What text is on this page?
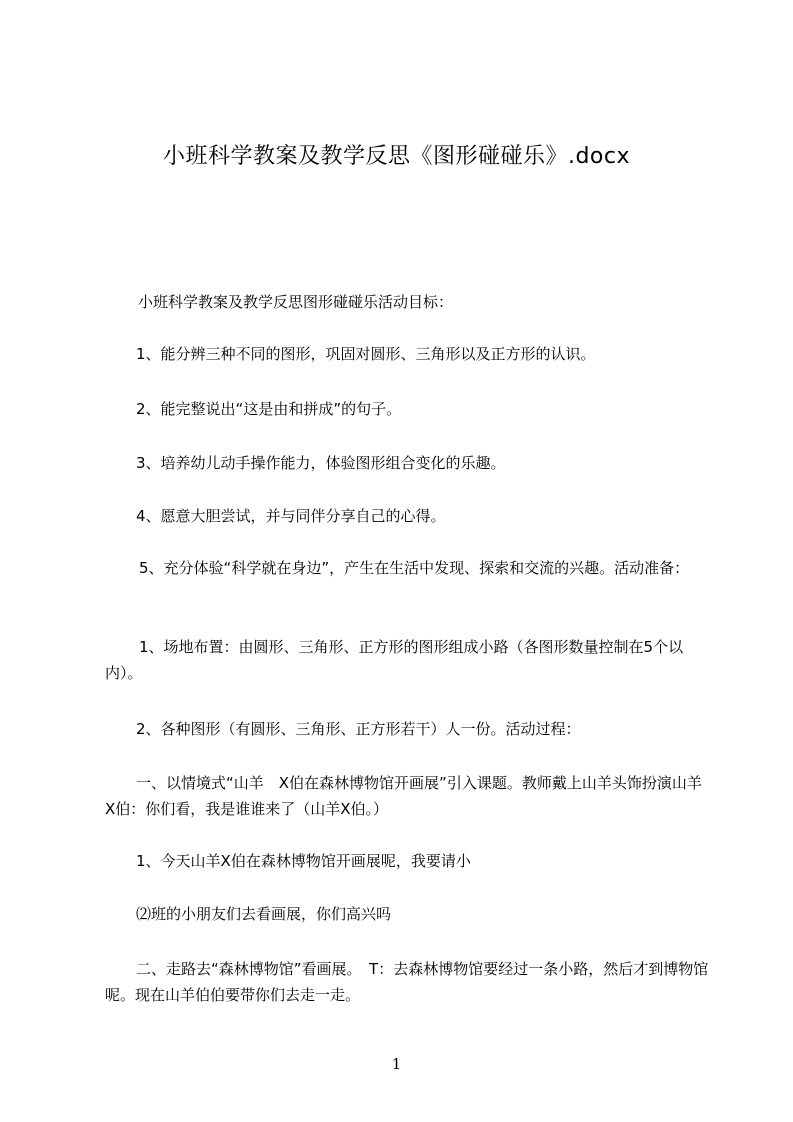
小班科学教案及教学反思《图形碰碰乐》.docx

小班科学教案及教学反思图形碰碰乐活动目标：

1、能分辨三种不同的图形，巩固对圆形、三角形以及正方形的认识。

2、能完整说出“这是由和拼成”的句子。

3、培养幼儿动手操作能力，体验图形组合变化的乐趣。

4、愿意大胆尝试，并与同伴分享自己的心得。

5、充分体验“科学就在身边”，产生在生活中发现、探索和交流的兴趣。活动准备：

1、场地布置：由圆形、三角形、正方形的图形组成小路（各图形数量控制在5个以内）。

2、各种图形（有圆形、三角形、正方形若干）人一份。活动过程：

一、以情境式“山羊　X伯在森林博物馆开画展”引入课题。教师戴上山羊头饰扮演山羊X伯：你们看，我是谁谁来了（山羊X伯。）

1、今天山羊X伯在森林博物馆开画展呢，我要请小

⑵班的小朋友们去看画展，你们高兴吗

二、走路去“森林博物馆”看画展。　T：去森林博物馆要经过一条小路，然后才到博物馆呢。现在山羊伯伯要带你们去走一走。

1
